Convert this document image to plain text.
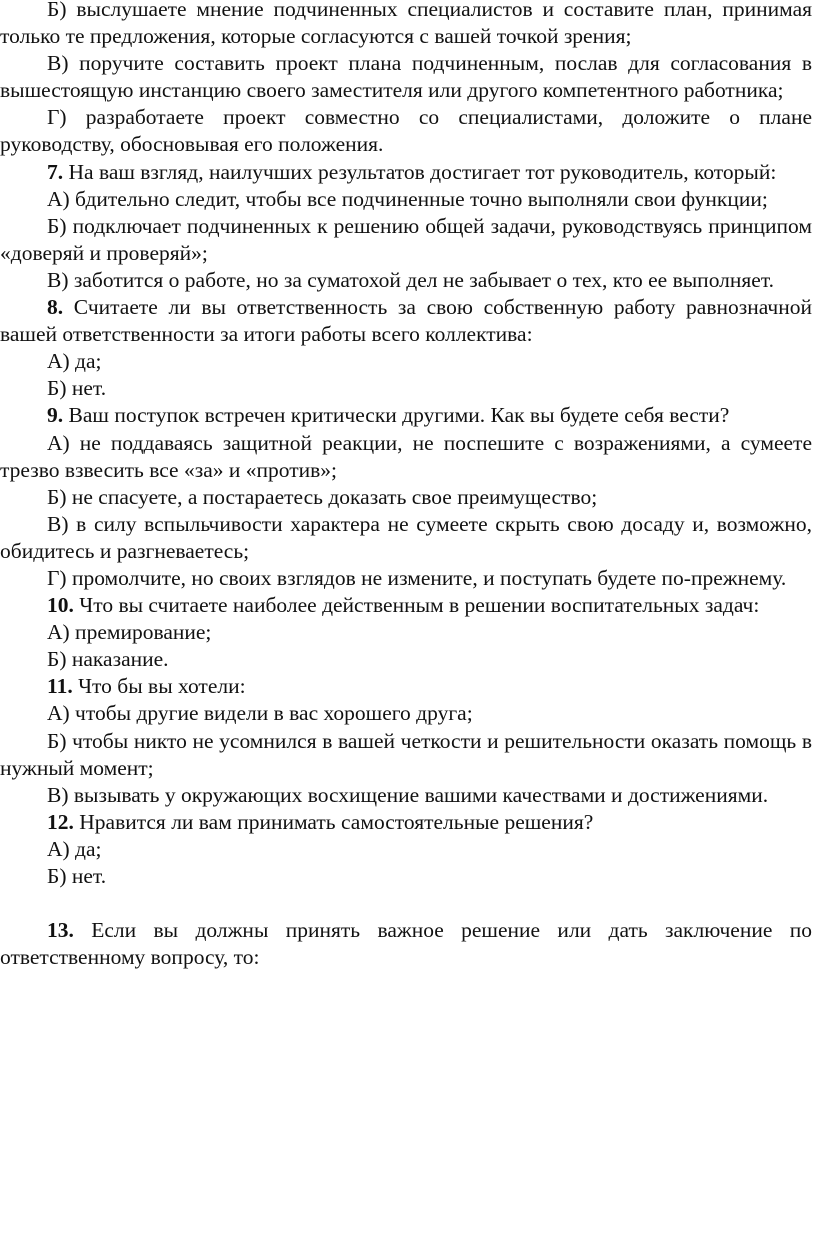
Б) выслушаете мнение подчиненных специалистов и составите план, принимая только те предложения, которые согласуются с вашей точкой зрения;

В) поручите составить проект плана подчиненным, послав для согласования в вышестоящую инстанцию своего заместителя или другого компетентного работника;

Г) разработаете проект совместно со специалистами, доложите о плане руководству, обосновывая его положения.

7. На ваш взгляд, наилучших результатов достигает тот руководитель, который:

А) бдительно следит, чтобы все подчиненные точно выполняли свои функции;

Б) подключает подчиненных к решению общей задачи, руководствуясь принципом «доверяй и проверяй»;

В) заботится о работе, но за суматохой дел не забывает о тех, кто ее выполняет.

8. Считаете ли вы ответственность за свою собственную работу равнозначной вашей ответственности за итоги работы всего коллектива:

А) да;

Б) нет.

9. Ваш поступок встречен критически другими. Как вы будете себя вести?

А) не поддаваясь защитной реакции, не поспешите с возражениями, а сумеете трезво взвесить все «за» и «против»;

Б) не спасуете, а постараетесь доказать свое преимущество;

В) в силу вспыльчивости характера не сумеете скрыть свою досаду и, возможно, обидитесь и разгневаетесь;

Г) промолчите, но своих взглядов не измените, и поступать будете по-прежнему.

10. Что вы считаете наиболее действенным в решении воспитательных задач:

А) премирование;

Б) наказание.

11. Что бы вы хотели:

А) чтобы другие видели в вас хорошего друга;

Б) чтобы никто не усомнился в вашей четкости и решительности оказать помощь в нужный момент;

В) вызывать у окружающих восхищение вашими качествами и достижениями.

12. Нравится ли вам принимать самостоятельные решения?

А) да;

Б) нет.

13. Если вы должны принять важное решение или дать заключение по ответственному вопросу, то:
